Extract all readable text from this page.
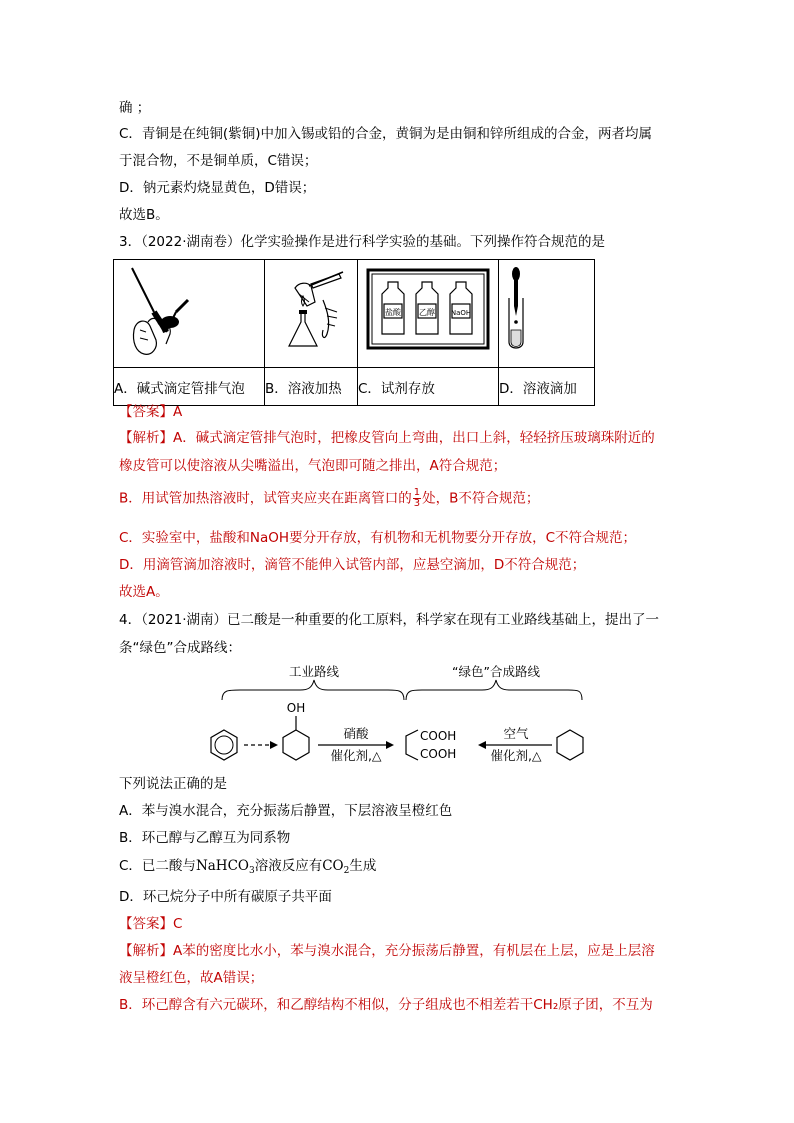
确 ；
C．青铜是在纯铜(紫铜)中加入锡或铅的合金，黄铜为是由铜和锌所组成的合金，两者均属
于混合物，不是铜单质，C错误；
D．钠元素灼烧显黄色，D错误；
故选B。
3．（2022·湖南卷）化学实验操作是进行科学实验的基础。下列操作符合规范的是

盐酸 乙醇 NaOH

A．碱式滴定管排气泡	B．溶液加热	C．试剂存放	D．溶液滴加
【答案】A
【解析】A．碱式滴定管排气泡时，把橡皮管向上弯曲，出口上斜，轻轻挤压玻璃珠附近的
橡皮管可以使溶液从尖嘴溢出，气泡即可随之排出，A符合规范；
B．用试管加热溶液时，试管夹应夹在距离管口的 $\frac{1}{3}$ 处，B不符合规范；
C．实验室中，盐酸和NaOH要分开存放，有机物和无机物要分开存放，C不符合规范；
D．用滴管滴加溶液时，滴管不能伸入试管内部，应悬空滴加，D不符合规范；
故选A。
4．（2021·湖南）已二酸是一种重要的化工原料，科学家在现有工业路线基础上，提出了一
条“绿色”合成路线：
工业路线	“绿色”合成路线
OH
硝酸
催化剂,△
COOH
COOH
空气
催化剂,△
下列说法正确的是
A．苯与溴水混合，充分振荡后静置，下层溶液呈橙红色
B．环己醇与乙醇互为同系物
C．已二酸与NaHCO$_3$溶液反应有$CO_2$生成
D．环己烷分子中所有碳原子共平面
【答案】C
【解析】A苯的密度比水小，苯与溴水混合，充分振荡后静置，有机层在上层，应是上层溶
液呈橙红色，故A错误；
B．环己醇含有六元碳环，和乙醇结构不相似，分子组成也不相差若干CH₂原子团，不互为
